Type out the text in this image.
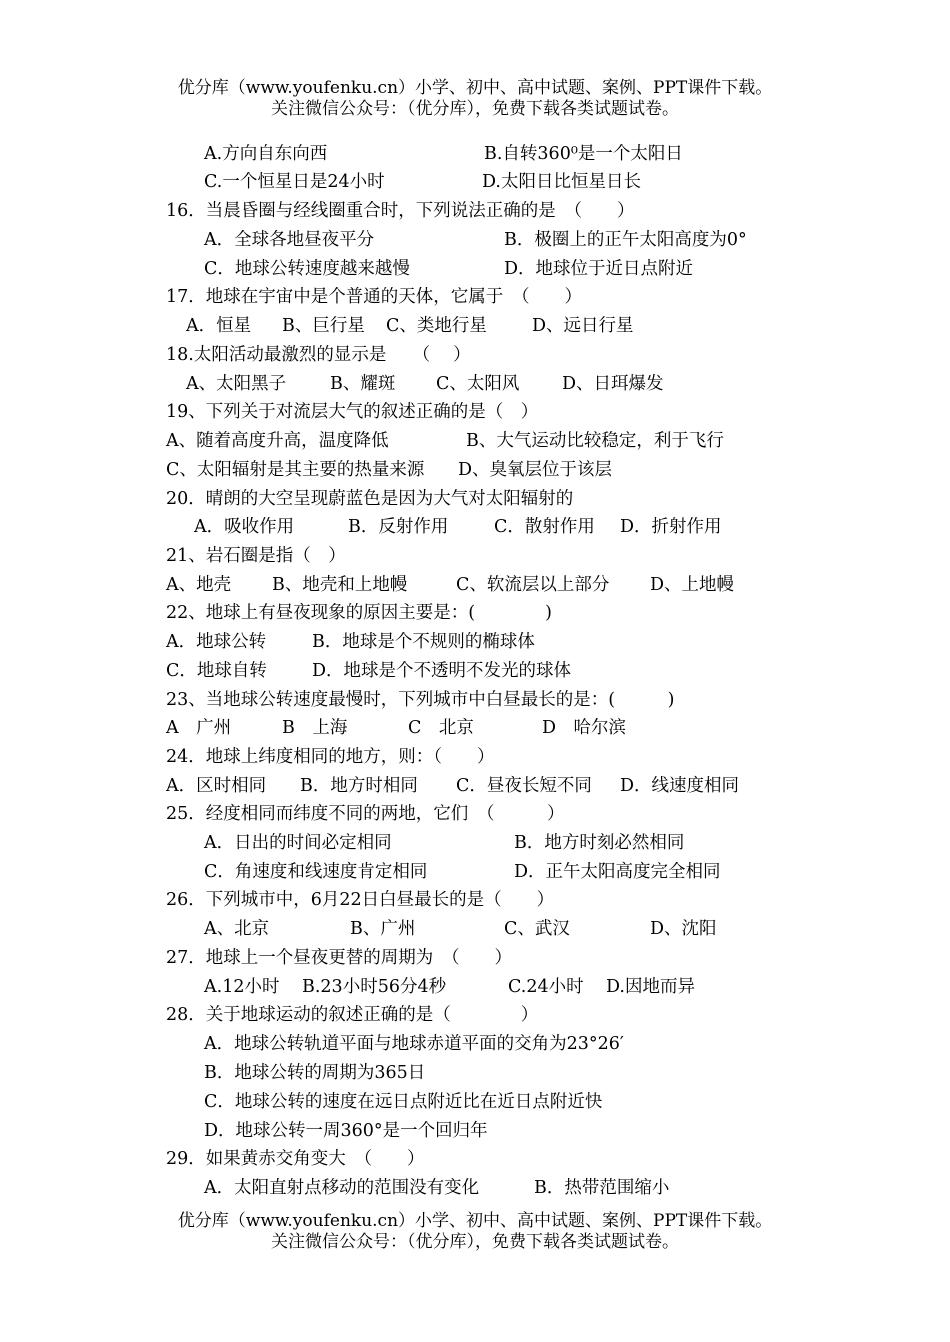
优分库（www.youfenku.cn）小学、初中、高中试题、案例、PPT课件下载。
关注微信公众号：（优分库），免费下载各类试题试卷。
A.方向自东向西	B.自转360⁰是一个太阳日
C.一个恒星日是24小时	D.太阳日比恒星日长
16．当晨昏圈与经线圈重合时，下列说法正确的是　（　　）
A．全球各地昼夜平分	B．极圈上的正午太阳高度为0°
C．地球公转速度越来越慢	D．地球位于近日点附近
17．地球在宇宙中是个普通的天体，它属于　（　　）
A．恒星 B、巨行星 C、类地行星	D、远日行星
18.太阳活动最激烈的显示是　　（　 ）
A、太阳黑子	B、耀斑 C、太阳风 D、日珥爆发
19、下列关于对流层大气的叙述正确的是（　）
A、随着高度升高，温度降低	B、大气运动比较稳定，利于飞行
C、太阳辐射是其主要的热量来源 D、臭氧层位于该层
20．晴朗的大空呈现蔚蓝色是因为大气对太阳辐射的
A．吸收作用	B．反射作用	C．散射作用 D．折射作用
21、岩石圈是指（　）
A、地壳 B、地壳和上地幔	C、软流层以上部分 D、上地幔
22、地球上有昼夜现象的原因主要是：(　　　　)
A．地球公转	B．地球是个不规则的椭球体
C．地球自转	D．地球是个不透明不发光的球体
23、当地球公转速度最慢时，下列城市中白昼最长的是：(　　　)
A　广州	B　上海	C　北京	D　哈尔滨
24．地球上纬度相同的地方，则：（　　）
A．区时相同 B．地方时相同 C．昼夜长短不同 D．线速度相同
25．经度相同而纬度不同的两地，它们　（　　　）
A．日出的时间必定相同	B．地方时刻必然相同
C．角速度和线速度肯定相同	D．正午太阳高度完全相同
26．下列城市中，6月22日白昼最长的是（　　）
A、北京	B、广州	C、武汉	D、沈阳
27．地球上一个昼夜更替的周期为　（　　）
A.12小时 B.23小时56分4秒	C.24小时 D.因地而异
28．关于地球运动的叙述正确的是（　　　　）
A．地球公转轨道平面与地球赤道平面的交角为23°26′
B．地球公转的周期为365日
C．地球公转的速度在远日点附近比在近日点附近快
D．地球公转一周360°是一个回归年
29．如果黄赤交角变大　（　　）
A．太阳直射点移动的范围没有变化	B．热带范围缩小
优分库（www.youfenku.cn）小学、初中、高中试题、案例、PPT课件下载。
关注微信公众号：（优分库），免费下载各类试题试卷。
